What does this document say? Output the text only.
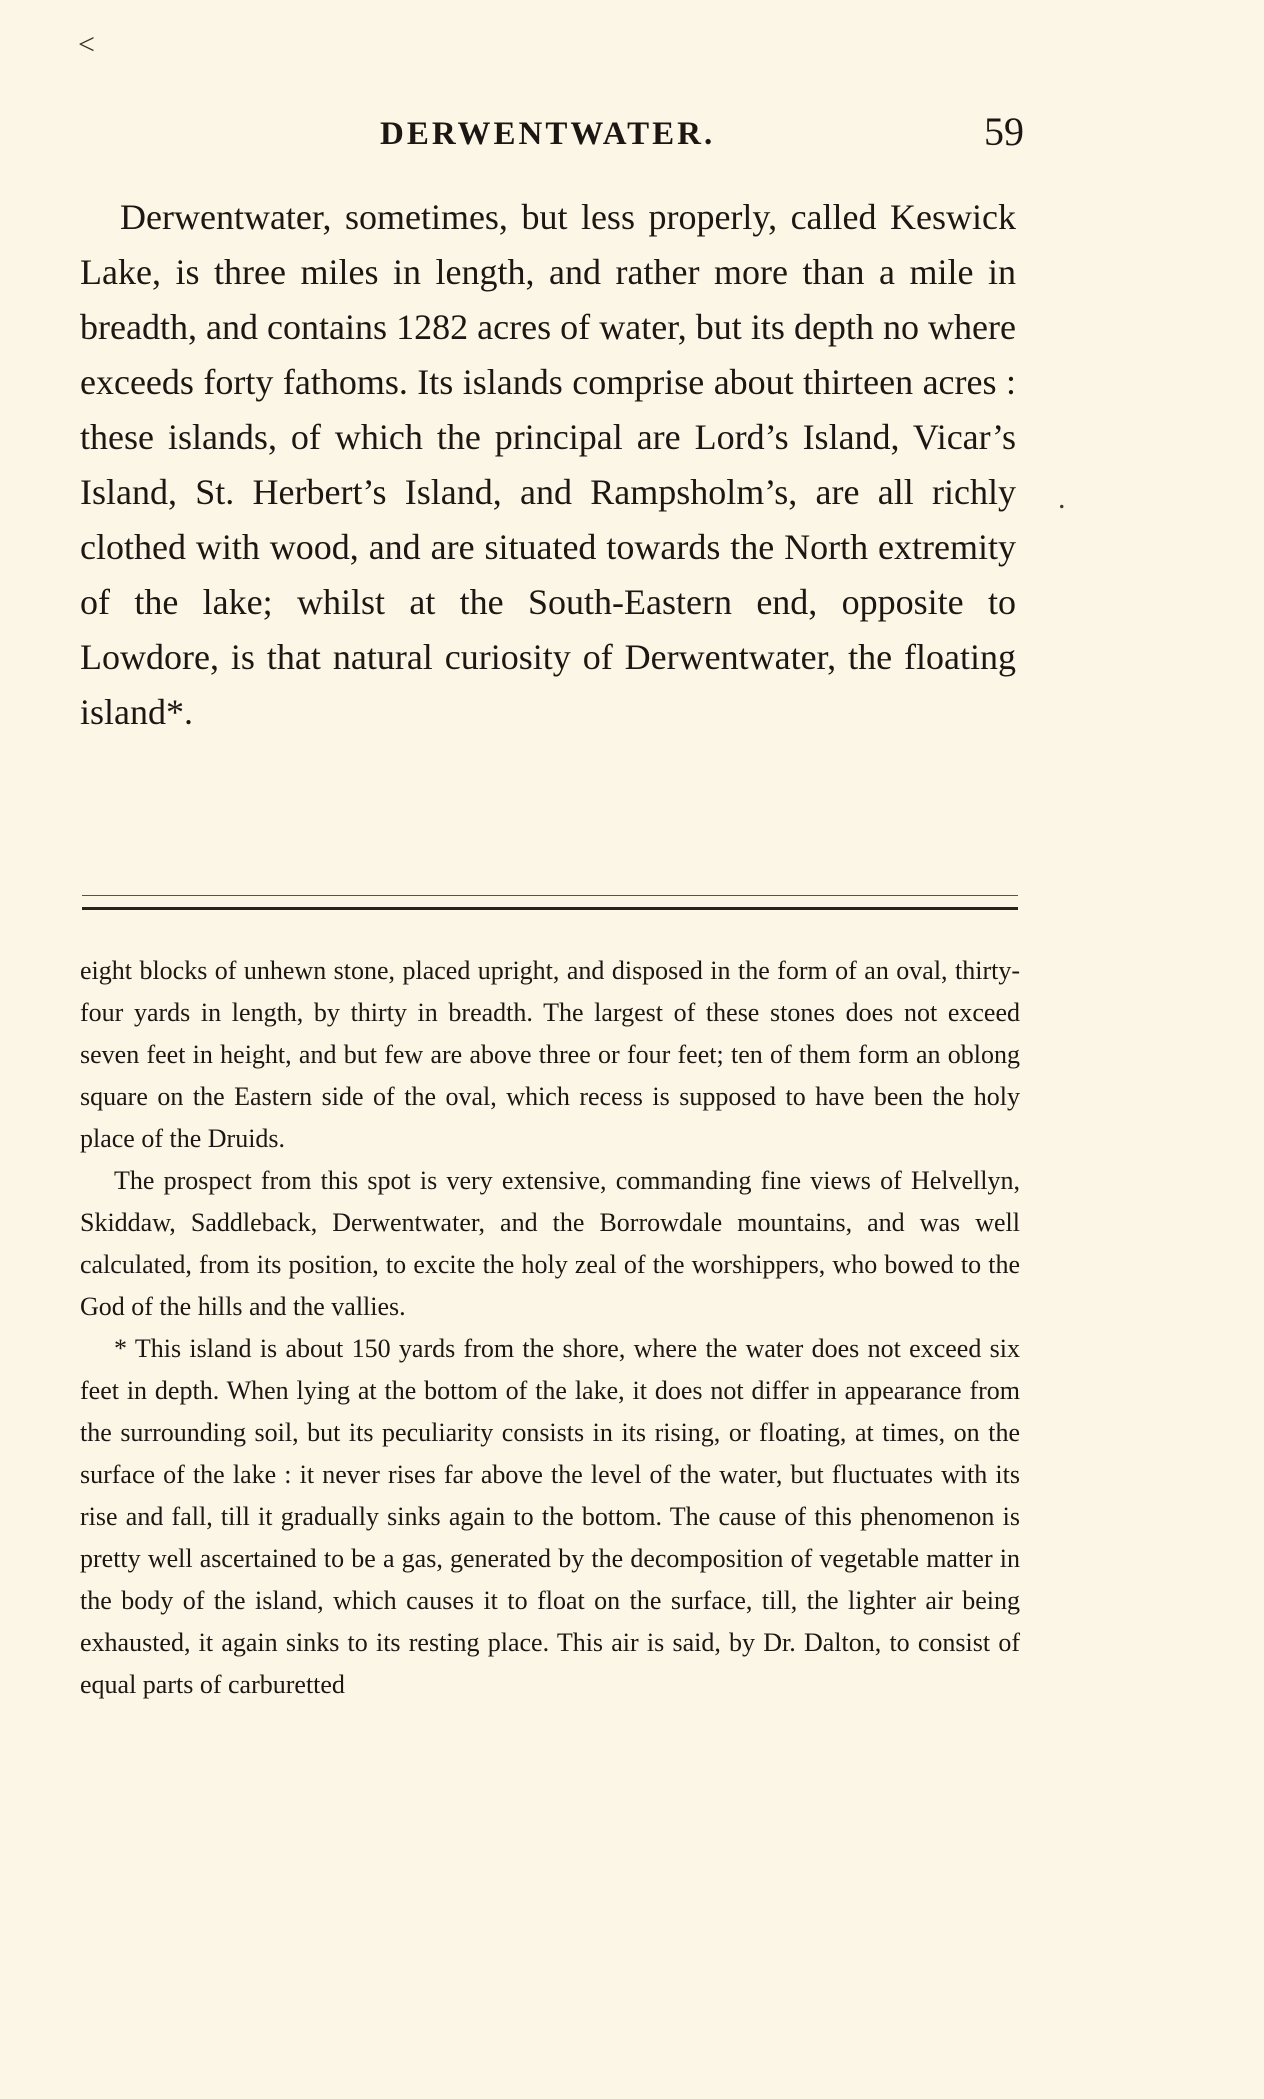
<
DERWENTWATER.	59

Derwentwater, sometimes, but less properly, called Keswick Lake, is three miles in length, and rather more than a mile in breadth, and contains 1282 acres of water, but its depth no where exceeds forty fathoms. Its islands comprise about thirteen acres : these islands, of which the principal are Lord’s Island, Vicar’s Island, St. Herbert’s Island, and Rampsholm’s, are all richly clothed with wood, and are situated towards the North extremity of the lake; whilst at the South-Eastern end, opposite to Lowdore, is that natural curiosity of Derwentwater, the floating island*.

.

eight blocks of unhewn stone, placed upright, and disposed in the form of an oval, thirty-four yards in length, by thirty in breadth. The largest of these stones does not exceed seven feet in height, and but few are above three or four feet; ten of them form an oblong square on the Eastern side of the oval, which recess is supposed to have been the holy place of the Druids.

The prospect from this spot is very extensive, commanding fine views of Helvellyn, Skiddaw, Saddleback, Derwentwater, and the Borrowdale mountains, and was well calculated, from its position, to excite the holy zeal of the worshippers, who bowed to the God of the hills and the vallies.

* This island is about 150 yards from the shore, where the water does not exceed six feet in depth. When lying at the bottom of the lake, it does not differ in appearance from the surrounding soil, but its peculiarity consists in its rising, or floating, at times, on the surface of the lake : it never rises far above the level of the water, but fluctuates with its rise and fall, till it gradually sinks again to the bottom. The cause of this phenomenon is pretty well ascertained to be a gas, generated by the decomposition of vegetable matter in the body of the island, which causes it to float on the surface, till, the lighter air being exhausted, it again sinks to its resting place. This air is said, by Dr. Dalton, to consist of equal parts of carburetted
